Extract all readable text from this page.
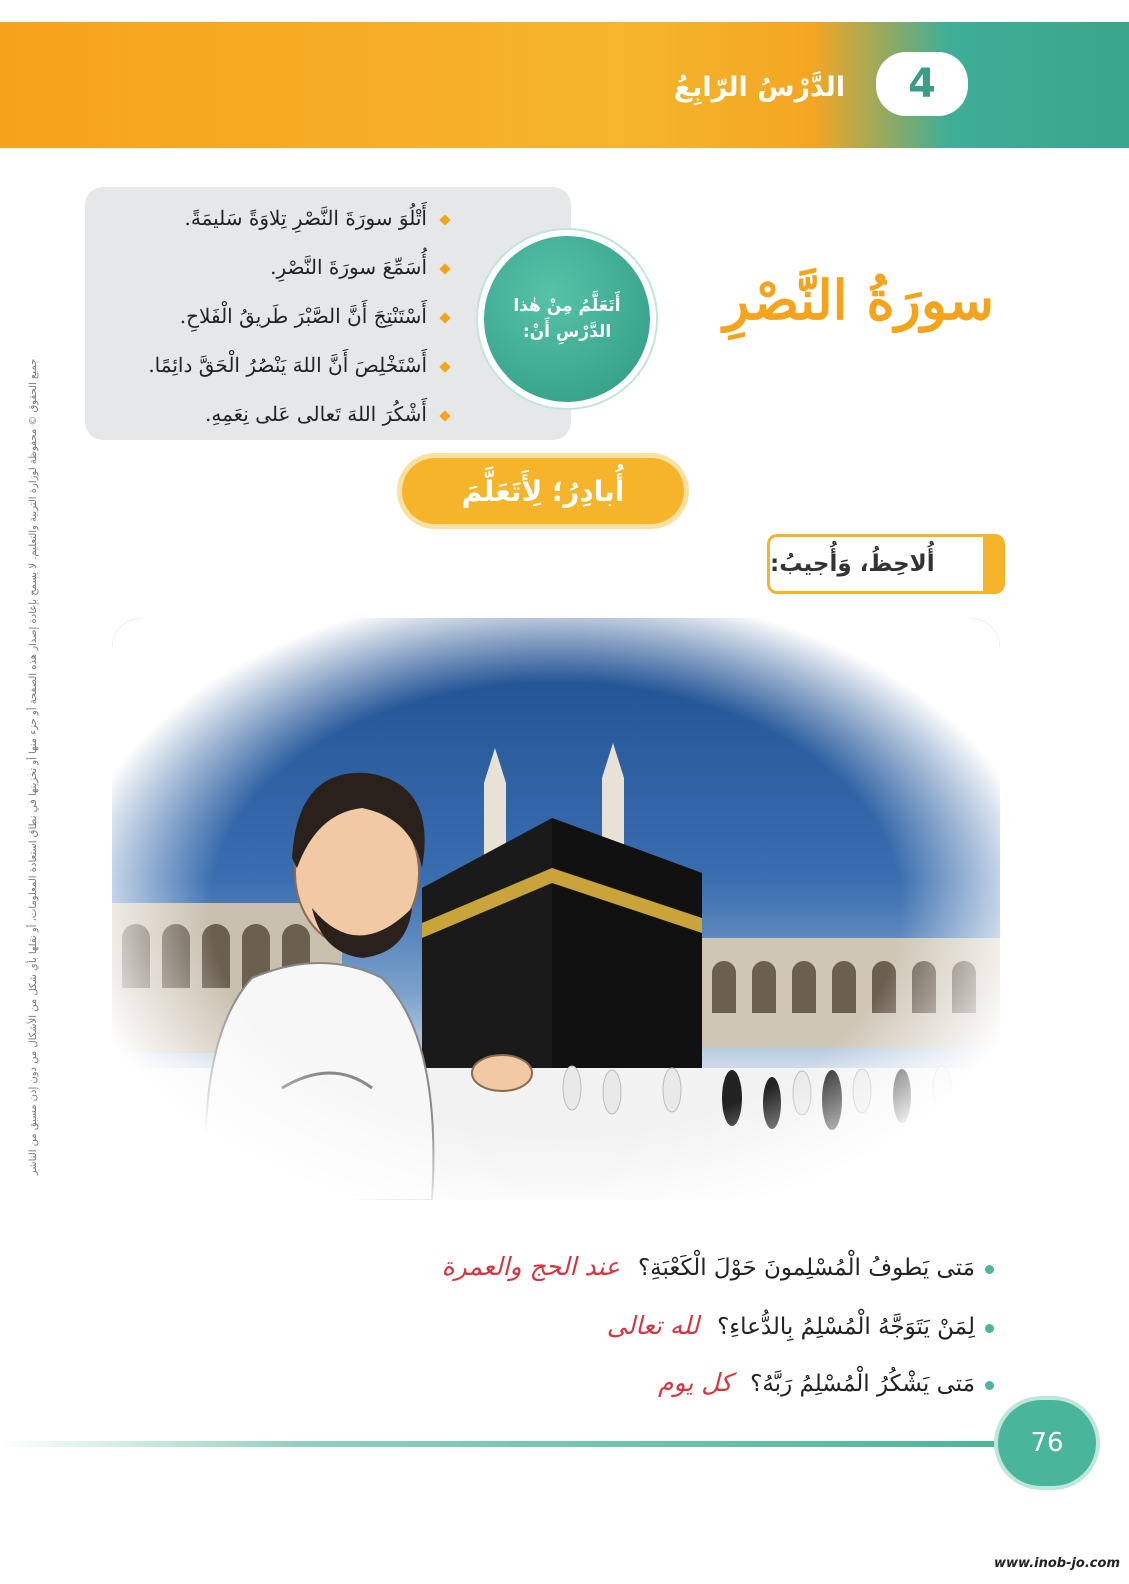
الدَّرْسُ الرّابِعُ	4
جميع الحقوق © محفوظة لوزارة التربية والتعليم. لا يسمح بإعادة إصدار هذه الصفحة أو جزء منها أو تخزينها في نطاق استعادة المعلومات، أو نقلها بأي شكل من الأشكال من دون إذن مسبق من الناشر
أَتْلُوَ سورَةَ النَّصْرِ تِلاوَةً سَليمَةً.
أُسَمِّعَ سورَةَ النَّصْرِ.
أَسْتَنْتِجَ أَنَّ الصَّبْرَ طَريقُ الْفَلاحِ.
أَسْتَخْلِصَ أَنَّ اللهَ يَنْصُرُ الْحَقَّ دائِمًا.
أَشْكُرَ اللهَ تَعالى عَلى نِعَمِهِ.
أَتَعَلَّمُ مِنْ هٰذا الدَّرْسِ أَنْ:	سورَةُ النَّصْرِ
أُبادِرُ؛ لِأَتَعَلَّمَ
أُلاحِظُ، وَأُجيبُ:
مَتى يَطوفُ الْمُسْلِمونَ حَوْلَ الْكَعْبَةِ؟عند الحج والعمرة
لِمَنْ يَتَوَجَّهُ الْمُسْلِمُ بِالدُّعاءِ؟لله تعالى
مَتى يَشْكُرُ الْمُسْلِمُ رَبَّهُ؟كل يوم
76
www.inob-jo.com
